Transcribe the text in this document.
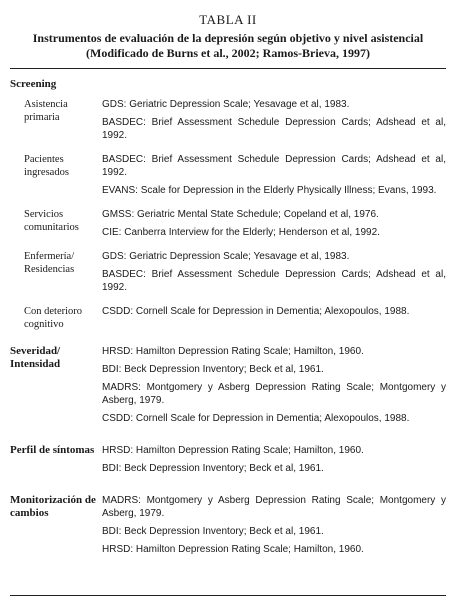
TABLA II
Instrumentos de evaluación de la depresión según objetivo y nivel asistencial
(Modificado de Burns et al., 2002; Ramos-Brieva, 1997)
Screening
Asistencia primaria
GDS: Geriatric Depression Scale; Yesavage et al, 1983.
BASDEC: Brief Assessment Schedule Depression Cards; Adshead et al, 1992.
Pacientes ingresados
BASDEC: Brief Assessment Schedule Depression Cards; Adshead et al, 1992.
EVANS: Scale for Depression in the Elderly Physically Illness; Evans, 1993.
Servicios comunitarios
GMSS: Geriatric Mental State Schedule; Copeland et al, 1976.
CIE: Canberra Interview for the Elderly; Henderson et al, 1992.
Enfermería/ Residencias
GDS: Geriatric Depression Scale; Yesavage et al, 1983.
BASDEC: Brief Assessment Schedule Depression Cards; Adshead et al, 1992.
Con deterioro cognitivo
CSDD: Cornell Scale for Depression in Dementia; Alexopoulos, 1988.
Severidad/ Intensidad
HRSD: Hamilton Depression Rating Scale; Hamilton, 1960.
BDI: Beck Depression Inventory; Beck et al, 1961.
MADRS: Montgomery y Asberg Depression Rating Scale; Montgomery y Asberg, 1979.
CSDD: Cornell Scale for Depression in Dementia; Alexopoulos, 1988.
Perfil de síntomas HRSD: Hamilton Depression Rating Scale; Hamilton, 1960.
BDI: Beck Depression Inventory; Beck et al, 1961.
Monitorización de cambios
MADRS: Montgomery y Asberg Depression Rating Scale; Montgomery y Asberg, 1979.
BDI: Beck Depression Inventory; Beck et al, 1961.
HRSD: Hamilton Depression Rating Scale; Hamilton, 1960.
